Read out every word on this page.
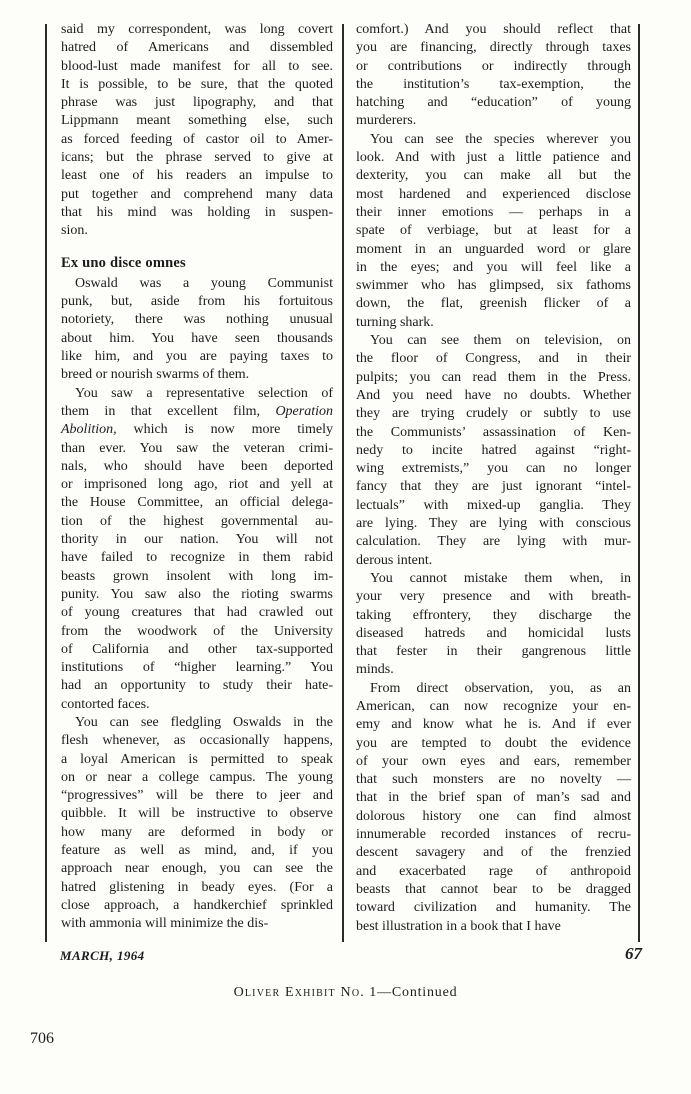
said my correspondent, was long covert
hatred of Americans and dissembled
blood-lust made manifest for all to see.
It is possible, to be sure, that the quoted
phrase was just lipography, and that
Lippmann meant something else, such
as forced feeding of castor oil to Amer-
icans; but the phrase served to give at
least one of his readers an impulse to
put together and comprehend many data
that his mind was holding in suspen-
sion.
Ex uno disce omnes
Oswald was a young Communist
punk, but, aside from his fortuitous
notoriety, there was nothing unusual
about him. You have seen thousands
like him, and you are paying taxes to
breed or nourish swarms of them.
You saw a representative selection of
them in that excellent film, Operation
Abolition, which is now more timely
than ever. You saw the veteran crimi-
nals, who should have been deported
or imprisoned long ago, riot and yell at
the House Committee, an official delega-
tion of the highest governmental au-
thority in our nation. You will not
have failed to recognize in them rabid
beasts grown insolent with long im-
punity. You saw also the rioting swarms
of young creatures that had crawled out
from the woodwork of the University
of California and other tax-supported
institutions of “higher learning.” You
had an opportunity to study their hate-
contorted faces.
You can see fledgling Oswalds in the
flesh whenever, as occasionally happens,
a loyal American is permitted to speak
on or near a college campus. The young
“progressives” will be there to jeer and
quibble. It will be instructive to observe
how many are deformed in body or
feature as well as mind, and, if you
approach near enough, you can see the
hatred glistening in beady eyes. (For a
close approach, a handkerchief sprinkled
with ammonia will minimize the dis-
comfort.) And you should reflect that
you are financing, directly through taxes
or contributions or indirectly through
the institution’s tax-exemption, the
hatching and “education” of young
murderers.
You can see the species wherever you
look. And with just a little patience and
dexterity, you can make all but the
most hardened and experienced disclose
their inner emotions — perhaps in a
spate of verbiage, but at least for a
moment in an unguarded word or glare
in the eyes; and you will feel like a
swimmer who has glimpsed, six fathoms
down, the flat, greenish flicker of a
turning shark.
You can see them on television, on
the floor of Congress, and in their
pulpits; you can read them in the Press.
And you need have no doubts. Whether
they are trying crudely or subtly to use
the Communists’ assassination of Ken-
nedy to incite hatred against “right-
wing extremists,” you can no longer
fancy that they are just ignorant “intel-
lectuals” with mixed-up ganglia. They
are lying. They are lying with conscious
calculation. They are lying with mur-
derous intent.
You cannot mistake them when, in
your very presence and with breath-
taking effrontery, they discharge the
diseased hatreds and homicidal lusts
that fester in their gangrenous little
minds.
From direct observation, you, as an
American, can now recognize your en-
emy and know what he is. And if ever
you are tempted to doubt the evidence
of your own eyes and ears, remember
that such monsters are no novelty —
that in the brief span of man’s sad and
dolorous history one can find almost
innumerable recorded instances of recru-
descent savagery and of the frenzied
and exacerbated rage of anthropoid
beasts that cannot bear to be dragged
toward civilization and humanity. The
best illustration in a book that I have
MARCH, 1964	67
Oliver Exhibit No. 1—Continued
706
